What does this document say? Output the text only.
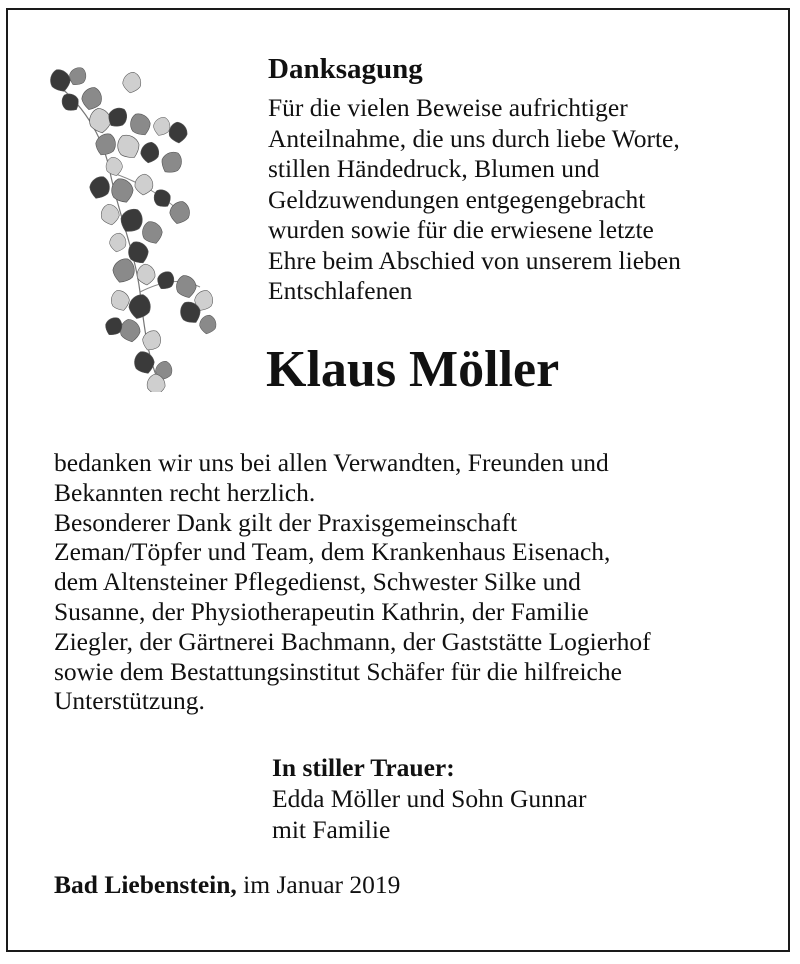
Danksagung

Für die vielen Beweise aufrichtiger
Anteilnahme, die uns durch liebe Worte,
stillen Händedruck, Blumen und
Geldzuwendungen entgegengebracht
wurden sowie für die erwiesene letzte
Ehre beim Abschied von unserem lieben
Entschlafenen

Klaus Möller

bedanken wir uns bei allen Verwandten, Freunden und
Bekannten recht herzlich.
Besonderer Dank gilt der Praxisgemeinschaft
Zeman/Töpfer und Team, dem Krankenhaus Eisenach,
dem Altensteiner Pflegedienst, Schwester Silke und
Susanne, der Physiotherapeutin Kathrin, der Familie
Ziegler, der Gärtnerei Bachmann, der Gaststätte Logierhof
sowie dem Bestattungsinstitut Schäfer für die hilfreiche
Unterstützung.

In stiller Trauer:

Edda Möller und Sohn Gunnar
mit Familie

Bad Liebenstein, im Januar 2019
